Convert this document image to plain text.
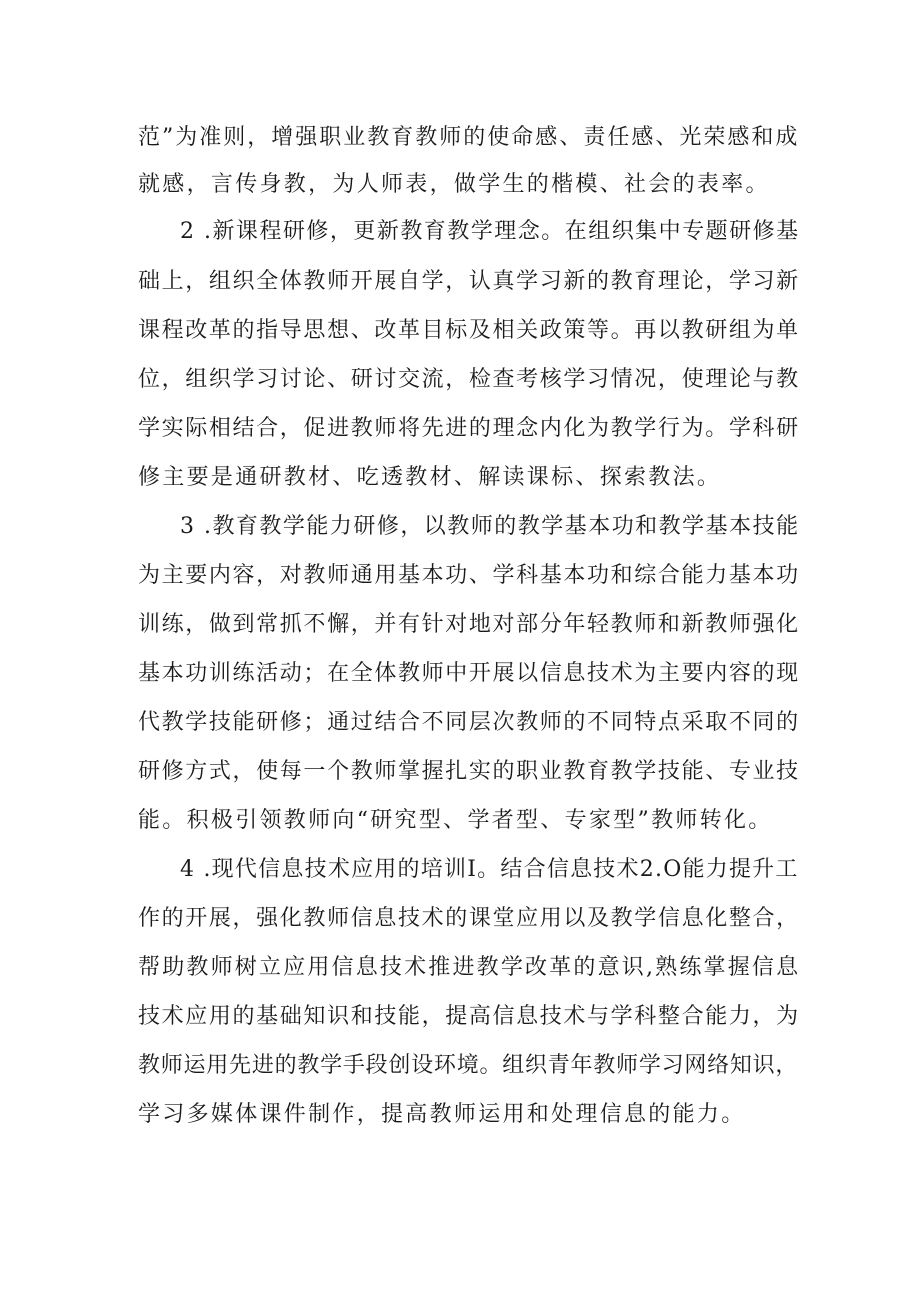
范”为准则，增强职业教育教师的使命感、责任感、光荣感和成
就感，言传身教，为人师表，做学生的楷模、社会的表率。
2 .新课程研修，更新教育教学理念。在组织集中专题研修基
础上，组织全体教师开展自学，认真学习新的教育理论，学习新
课程改革的指导思想、改革目标及相关政策等。再以教研组为单
位，组织学习讨论、研讨交流，检查考核学习情况，使理论与教
学实际相结合，促进教师将先进的理念内化为教学行为。学科研
修主要是通研教材、吃透教材、解读课标、探索教法。
3 .教育教学能力研修，以教师的教学基本功和教学基本技能
为主要内容，对教师通用基本功、学科基本功和综合能力基本功
训练，做到常抓不懈，并有针对地对部分年轻教师和新教师强化
基本功训练活动；在全体教师中开展以信息技术为主要内容的现
代教学技能研修；通过结合不同层次教师的不同特点采取不同的
研修方式，使每一个教师掌握扎实的职业教育教学技能、专业技
能。积极引领教师向“研究型、学者型、专家型”教师转化。
4 .现代信息技术应用的培训I。结合信息技术2.O能力提升工
作的开展，强化教师信息技术的课堂应用以及教学信息化整合，
帮助教师树立应用信息技术推进教学改革的意识,熟练掌握信息
技术应用的基础知识和技能，提高信息技术与学科整合能力，为
教师运用先进的教学手段创设环境。组织青年教师学习网络知识，
学习多媒体课件制作，提高教师运用和处理信息的能力。
